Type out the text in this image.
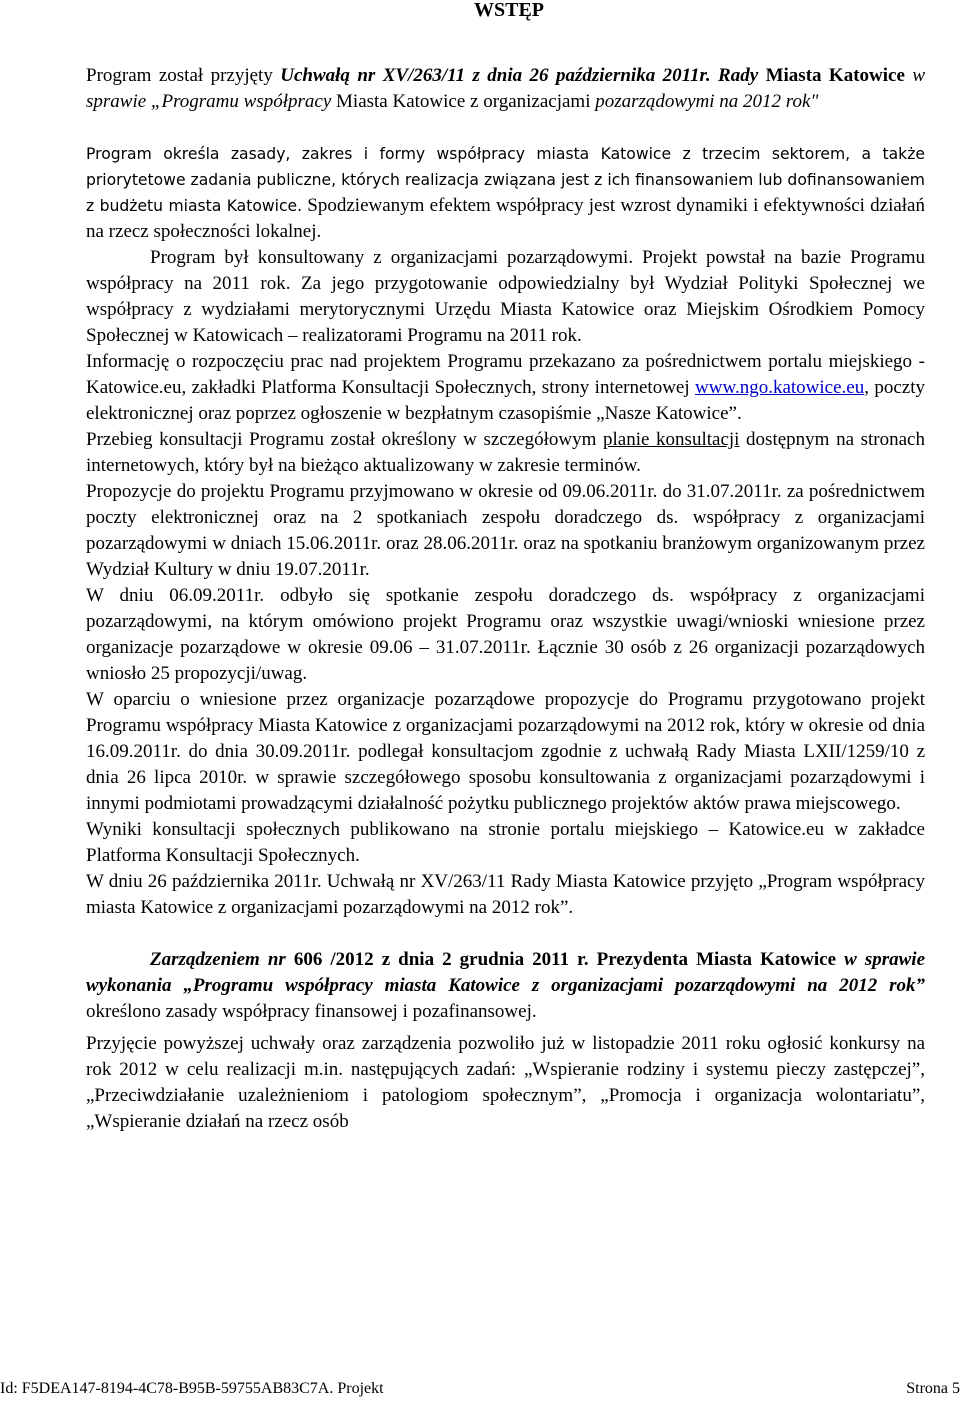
WSTĘP

Program został przyjęty Uchwałą nr XV/263/11 z dnia 26 października 2011r. Rady Miasta Katowice w sprawie „Programu współpracy Miasta Katowice z organizacjami pozarządowymi na 2012 rok"

Program określa zasady, zakres i formy współpracy miasta Katowice z trzecim sektorem, a także priorytetowe zadania publiczne, których realizacja związana jest z ich finansowaniem lub dofinansowaniem z budżetu miasta Katowice. Spodziewanym efektem współpracy jest wzrost dynamiki i efektywności działań na rzecz społeczności lokalnej.

Program był konsultowany z organizacjami pozarządowymi. Projekt powstał na bazie Programu współpracy na 2011 rok. Za jego przygotowanie odpowiedzialny był Wydział Polityki Społecznej we współpracy z wydziałami merytorycznymi Urzędu Miasta Katowice oraz Miejskim Ośrodkiem Pomocy Społecznej w Katowicach – realizatorami Programu na 2011 rok.

Informację o rozpoczęciu prac nad projektem Programu przekazano za pośrednictwem portalu miejskiego - Katowice.eu, zakładki Platforma Konsultacji Społecznych, strony internetowej www.ngo.katowice.eu, poczty elektronicznej oraz poprzez ogłoszenie w bezpłatnym czasopiśmie „Nasze Katowice”.

Przebieg konsultacji Programu został określony w szczegółowym planie konsultacji dostępnym na stronach internetowych, który był na bieżąco aktualizowany w zakresie terminów.

Propozycje do projektu Programu przyjmowano w okresie od 09.06.2011r. do 31.07.2011r. za pośrednictwem poczty elektronicznej oraz na 2 spotkaniach zespołu doradczego ds. współpracy z organizacjami pozarządowymi w dniach 15.06.2011r. oraz 28.06.2011r. oraz na spotkaniu branżowym organizowanym przez Wydział Kultury w dniu 19.07.2011r.

W dniu 06.09.2011r. odbyło się spotkanie zespołu doradczego ds. współpracy z organizacjami pozarządowymi, na którym omówiono projekt Programu oraz wszystkie uwagi/wnioski wniesione przez organizacje pozarządowe w okresie 09.06 – 31.07.2011r. Łącznie 30 osób z 26 organizacji pozarządowych wniosło 25 propozycji/uwag.

W oparciu o wniesione przez organizacje pozarządowe propozycje do Programu przygotowano projekt Programu współpracy Miasta Katowice z organizacjami pozarządowymi na 2012 rok, który w okresie od dnia 16.09.2011r. do dnia 30.09.2011r. podlegał konsultacjom zgodnie z uchwałą Rady Miasta LXII/1259/10 z dnia 26 lipca 2010r. w sprawie szczegółowego sposobu konsultowania z organizacjami pozarządowymi i innymi podmiotami prowadzącymi działalność pożytku publicznego projektów aktów prawa miejscowego.

Wyniki konsultacji społecznych publikowano na stronie portalu miejskiego – Katowice.eu w zakładce Platforma Konsultacji Społecznych.

W dniu 26 października 2011r. Uchwałą nr XV/263/11 Rady Miasta Katowice przyjęto „Program współpracy miasta Katowice z organizacjami pozarządowymi na 2012 rok”.

Zarządzeniem nr 606 /2012 z dnia 2 grudnia 2011 r. Prezydenta Miasta Katowice w sprawie wykonania „Programu współpracy miasta Katowice z organizacjami pozarządowymi na 2012 rok” określono zasady współpracy finansowej i pozafinansowej.

Przyjęcie powyższej uchwały oraz zarządzenia pozwoliło już w listopadzie 2011 roku ogłosić konkursy na rok 2012 w celu realizacji m.in. następujących zadań: „Wspieranie rodziny i systemu pieczy zastępczej”, „Przeciwdziałanie uzależnieniom i patologiom społecznym”, „Promocja i organizacja wolontariatu”, „Wspieranie działań na rzecz osób

Id: F5DEA147-8194-4C78-B95B-59755AB83C7A. Projekt	Strona 5
